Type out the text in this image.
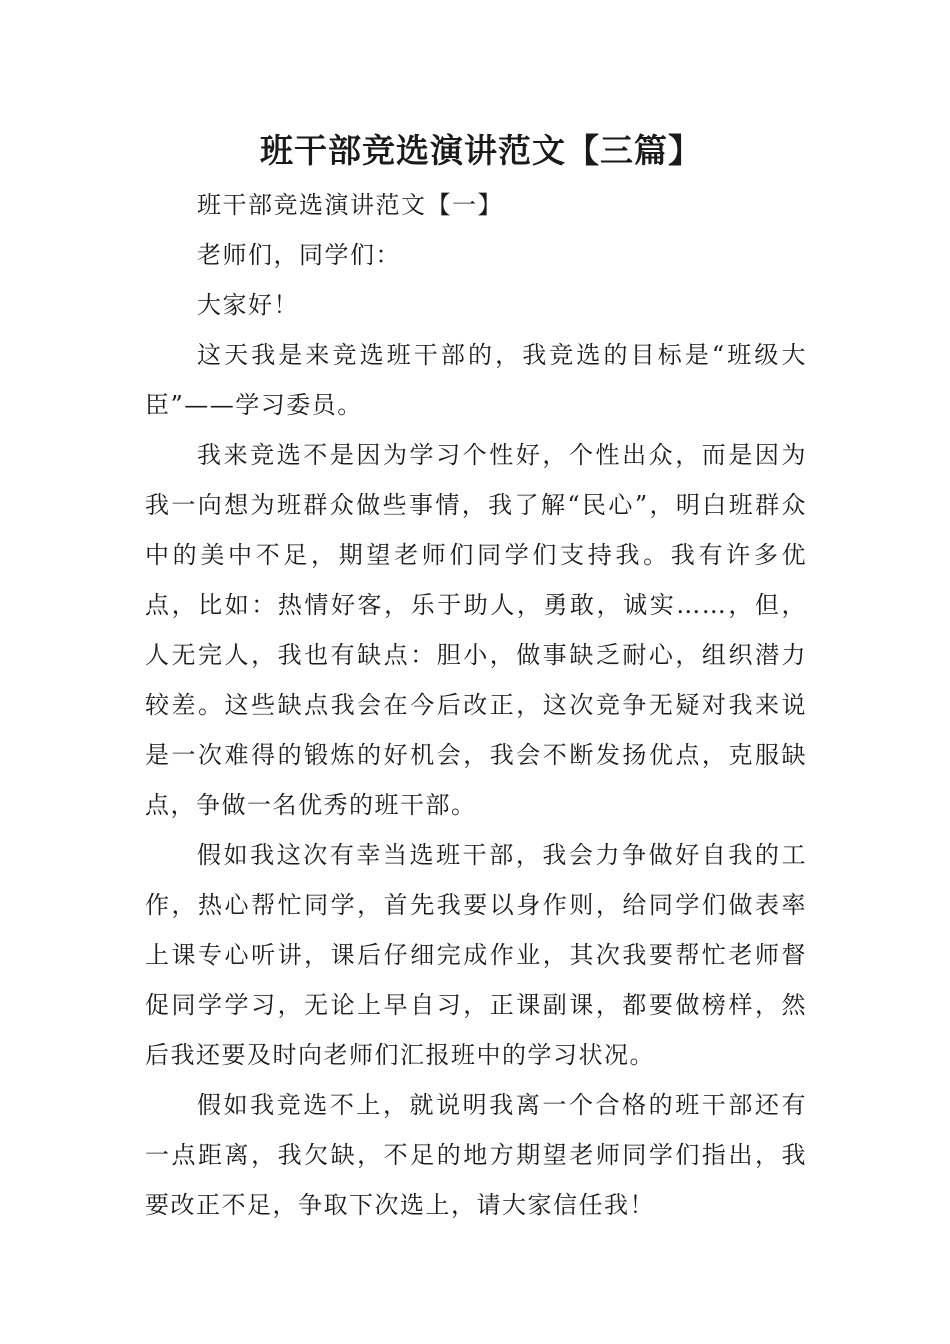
班干部竞选演讲范文【三篇】

班干部竞选演讲范文【一】

老师们，同学们：

大家好！

这天我是来竞选班干部的，我竞选的目标是“班级大臣”——学习委员。

我来竞选不是因为学习个性好，个性出众，而是因为我一向想为班群众做些事情，我了解“民心”，明白班群众中的美中不足，期望老师们同学们支持我。我有许多优点，比如：热情好客，乐于助人，勇敢，诚实……，但，人无完人，我也有缺点：胆小，做事缺乏耐心，组织潜力较差。这些缺点我会在今后改正，这次竞争无疑对我来说是一次难得的锻炼的好机会，我会不断发扬优点，克服缺点，争做一名优秀的班干部。

假如我这次有幸当选班干部，我会力争做好自我的工作，热心帮忙同学，首先我要以身作则，给同学们做表率上课专心听讲，课后仔细完成作业，其次我要帮忙老师督促同学学习，无论上早自习，正课副课，都要做榜样，然后我还要及时向老师们汇报班中的学习状况。

假如我竞选不上，就说明我离一个合格的班干部还有一点距离，我欠缺，不足的地方期望老师同学们指出，我要改正不足，争取下次选上，请大家信任我！
